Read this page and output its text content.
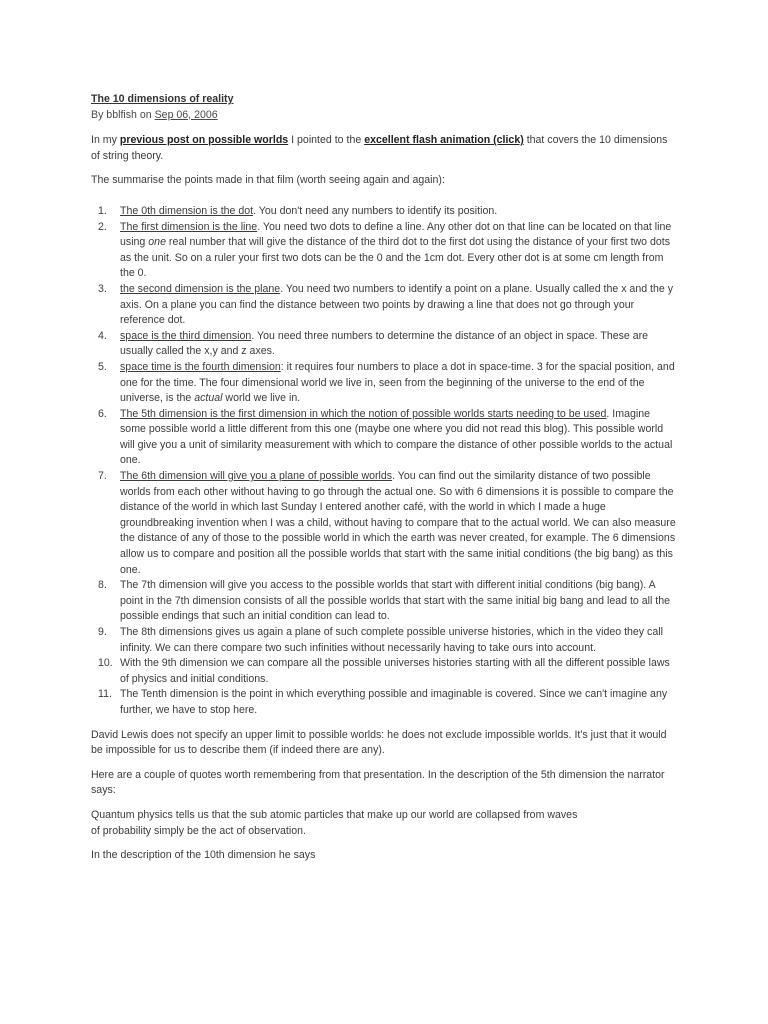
The 10 dimensions of reality
By bblfish on Sep 06, 2006

In my previous post on possible worlds I pointed to the excellent flash animation (click) that covers the 10 dimensions of string theory.

The summarise the points made in that film (worth seeing again and again):

1. The 0th dimension is the dot. You don't need any numbers to identify its position.
2. The first dimension is the line. You need two dots to define a line. Any other dot on that line can be located on that line using one real number that will give the distance of the third dot to the first dot using the distance of your first two dots as the unit. So on a ruler your first two dots can be the 0 and the 1cm dot. Every other dot is at some cm length from the 0.
3. the second dimension is the plane. You need two numbers to identify a point on a plane. Usually called the x and the y axis. On a plane you can find the distance between two points by drawing a line that does not go through your reference dot.
4. space is the third dimension. You need three numbers to determine the distance of an object in space. These are usually called the x,y and z axes.
5. space time is the fourth dimension: it requires four numbers to place a dot in space-time. 3 for the spacial position, and one for the time. The four dimensional world we live in, seen from the beginning of the universe to the end of the universe, is the actual world we live in.
6. The 5th dimension is the first dimension in which the notion of possible worlds starts needing to be used. Imagine some possible world a little different from this one (maybe one where you did not read this blog). This possible world will give you a unit of similarity measurement with which to compare the distance of other possible worlds to the actual one.
7. The 6th dimension will give you a plane of possible worlds. You can find out the similarity distance of two possible worlds from each other without having to go through the actual one. So with 6 dimensions it is possible to compare the distance of the world in which last Sunday I entered another café, with the world in which I made a huge groundbreaking invention when I was a child, without having to compare that to the actual world. We can also measure the distance of any of those to the possible world in which the earth was never created, for example. The 6 dimensions allow us to compare and position all the possible worlds that start with the same initial conditions (the big bang) as this one.
8. The 7th dimension will give you access to the possible worlds that start with different initial conditions (big bang). A point in the 7th dimension consists of all the possible worlds that start with the same initial big bang and lead to all the possible endings that such an initial condition can lead to.
9. The 8th dimensions gives us again a plane of such complete possible universe histories, which in the video they call infinity. We can there compare two such infinities without necessarily having to take ours into account.
10. With the 9th dimension we can compare all the possible universes histories starting with all the different possible laws of physics and initial conditions.
11. The Tenth dimension is the point in which everything possible and imaginable is covered. Since we can't imagine any further, we have to stop here.

David Lewis does not specify an upper limit to possible worlds: he does not exclude impossible worlds. It's just that it would be impossible for us to describe them (if indeed there are any).

Here are a couple of quotes worth remembering from that presentation. In the description of the 5th dimension the narrator says:

Quantum physics tells us that the sub atomic particles that make up our world are collapsed from waves
of probability simply be the act of observation.

In the description of the 10th dimension he says
